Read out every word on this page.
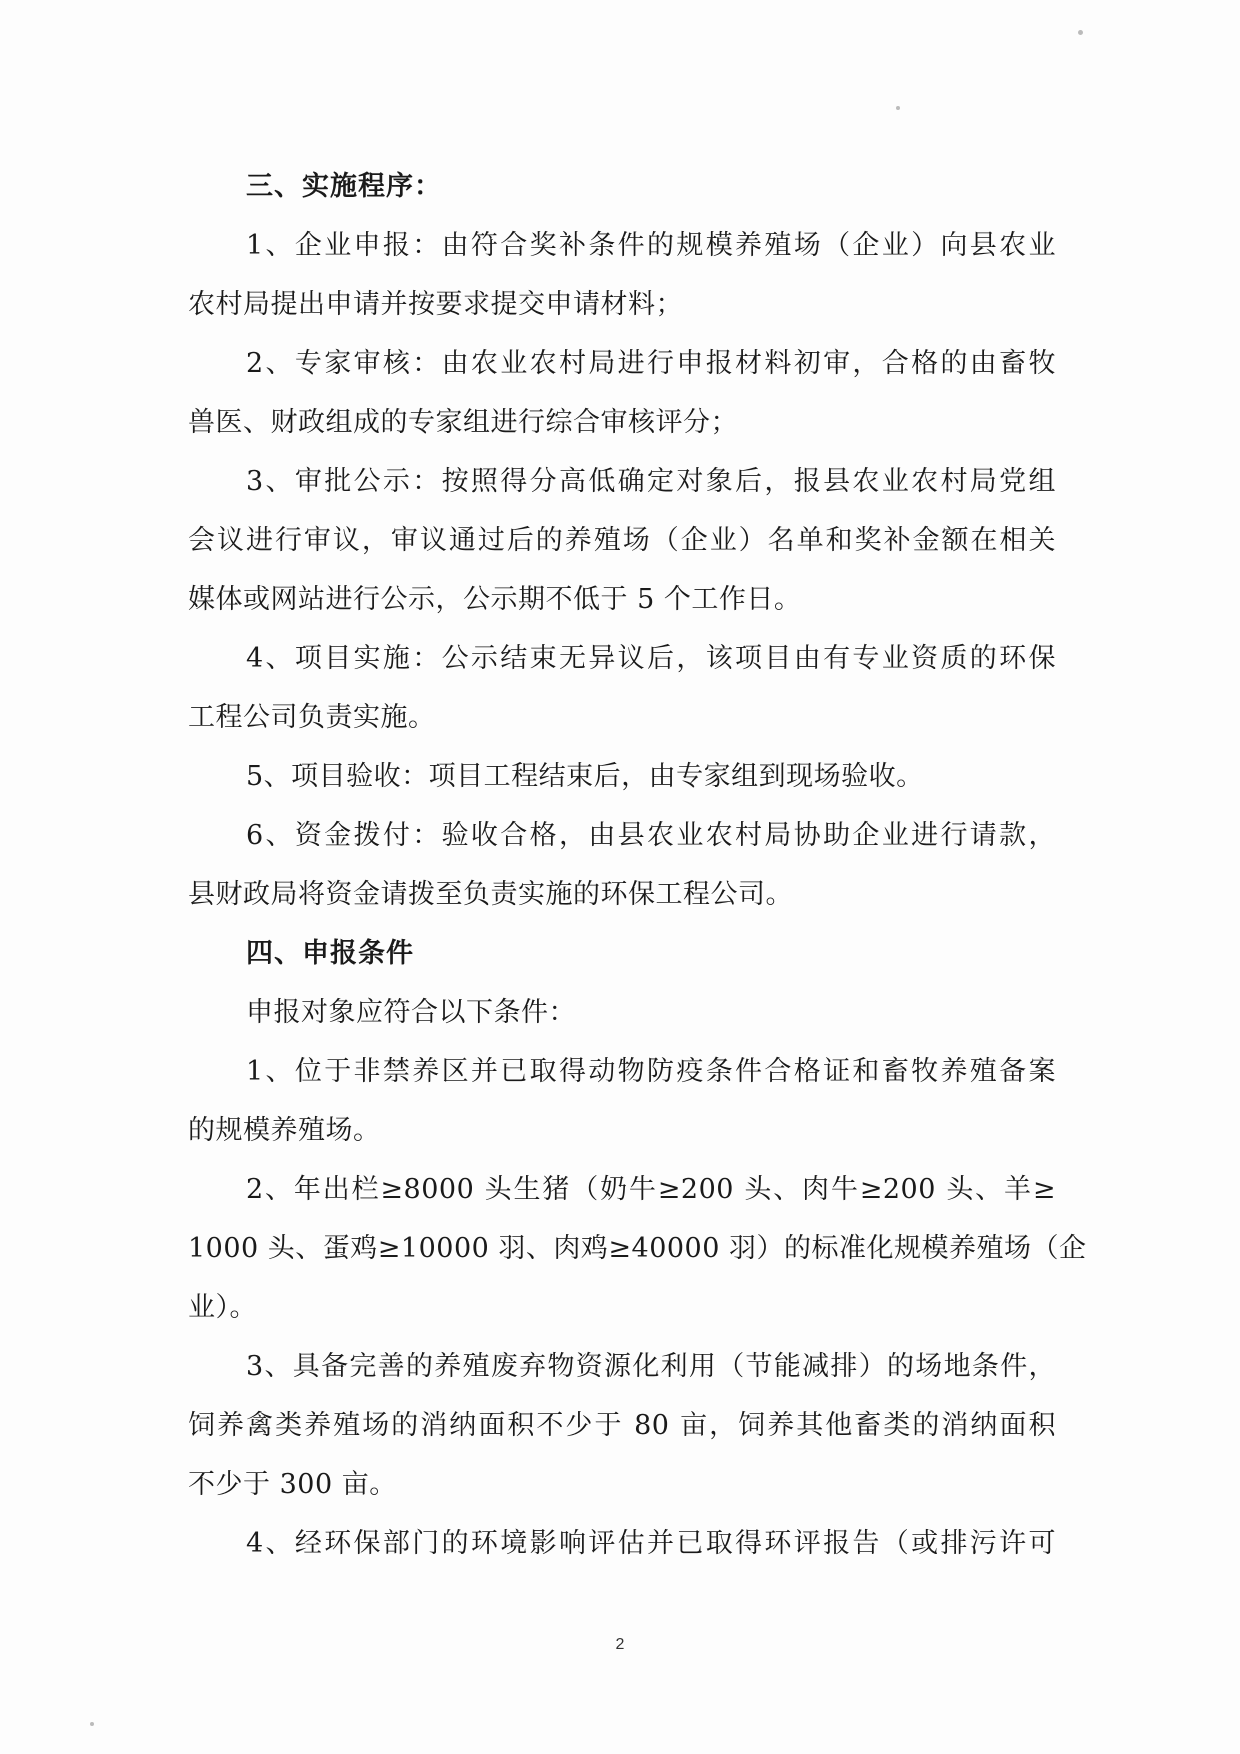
三、实施程序：
1、企业申报：由符合奖补条件的规模养殖场（企业）向县农业
农村局提出申请并按要求提交申请材料；
2、专家审核：由农业农村局进行申报材料初审，合格的由畜牧
兽医、财政组成的专家组进行综合审核评分；
3、审批公示：按照得分高低确定对象后，报县农业农村局党组
会议进行审议，审议通过后的养殖场（企业）名单和奖补金额在相关
媒体或网站进行公示，公示期不低于 5 个工作日。
4、项目实施：公示结束无异议后，该项目由有专业资质的环保
工程公司负责实施。
5、项目验收：项目工程结束后，由专家组到现场验收。
6、资金拨付：验收合格，由县农业农村局协助企业进行请款，
县财政局将资金请拨至负责实施的环保工程公司。
四、申报条件
申报对象应符合以下条件：
1、位于非禁养区并已取得动物防疫条件合格证和畜牧养殖备案
的规模养殖场。
2、年出栏≥8000 头生猪（奶牛≥200 头、肉牛≥200 头、羊≥
1000 头、蛋鸡≥10000 羽、肉鸡≥40000 羽）的标准化规模养殖场（企
业）。
3、具备完善的养殖废弃物资源化利用（节能减排）的场地条件，
饲养禽类养殖场的消纳面积不少于 80 亩，饲养其他畜类的消纳面积
不少于 300 亩。
4、经环保部门的环境影响评估并已取得环评报告（或排污许可
2
